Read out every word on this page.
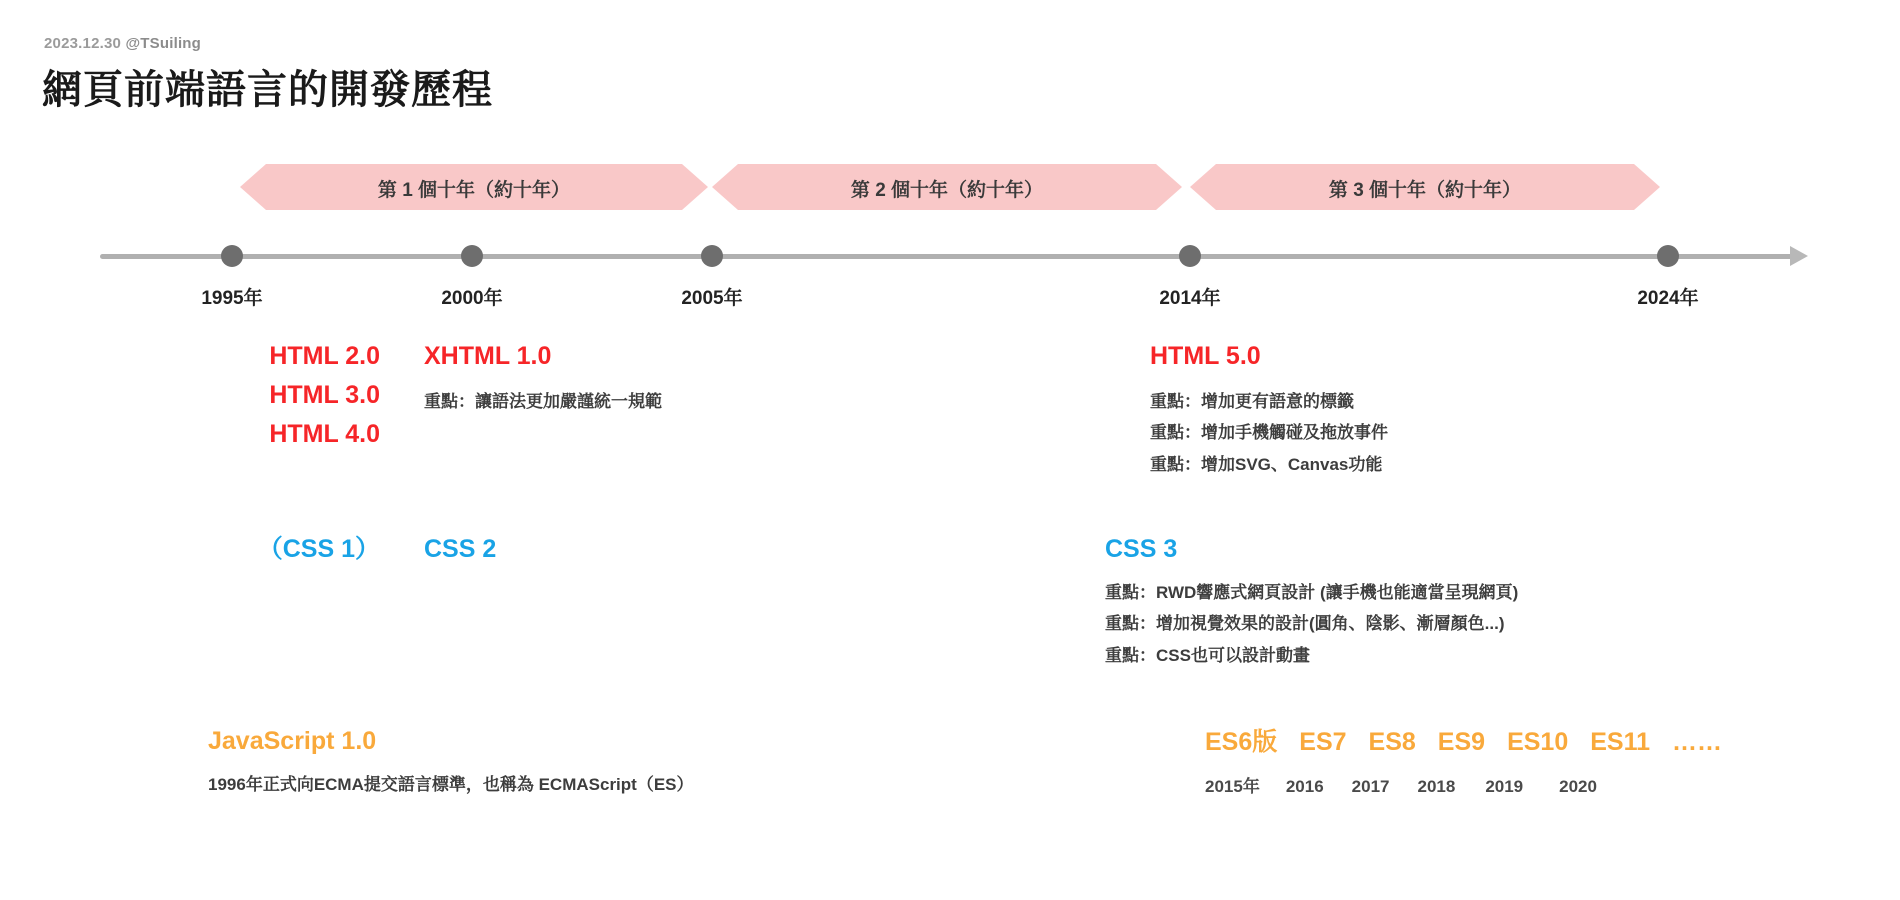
2023.12.30 @TSuiling
網頁前端語言的開發歷程
第 1 個十年（約十年）	第 2 個十年（約十年）	第 3 個十年（約十年）
1995年	2000年	2005年	2014年	2024年
HTML 2.0
HTML 3.0
HTML 4.0
XHTML 1.0
重點：讓語法更加嚴謹統一規範
HTML 5.0
重點：增加更有語意的標籤
重點：增加手機觸碰及拖放事件
重點：增加SVG、Canvas功能
（CSS 1） CSS 2	CSS 3
重點：RWD響應式網頁設計 (讓手機也能適當呈現網頁)
重點：增加視覺效果的設計(圓角、陰影、漸層顏色...)
重點：CSS也可以設計動畫
JavaScript 1.0
1996年正式向ECMA提交語言標準，也稱為 ECMAScript（ES）
ES6版 ES7 ES8 ES9 ES10 ES11 ……
2015年 2016 2017 2018 2019 2020
